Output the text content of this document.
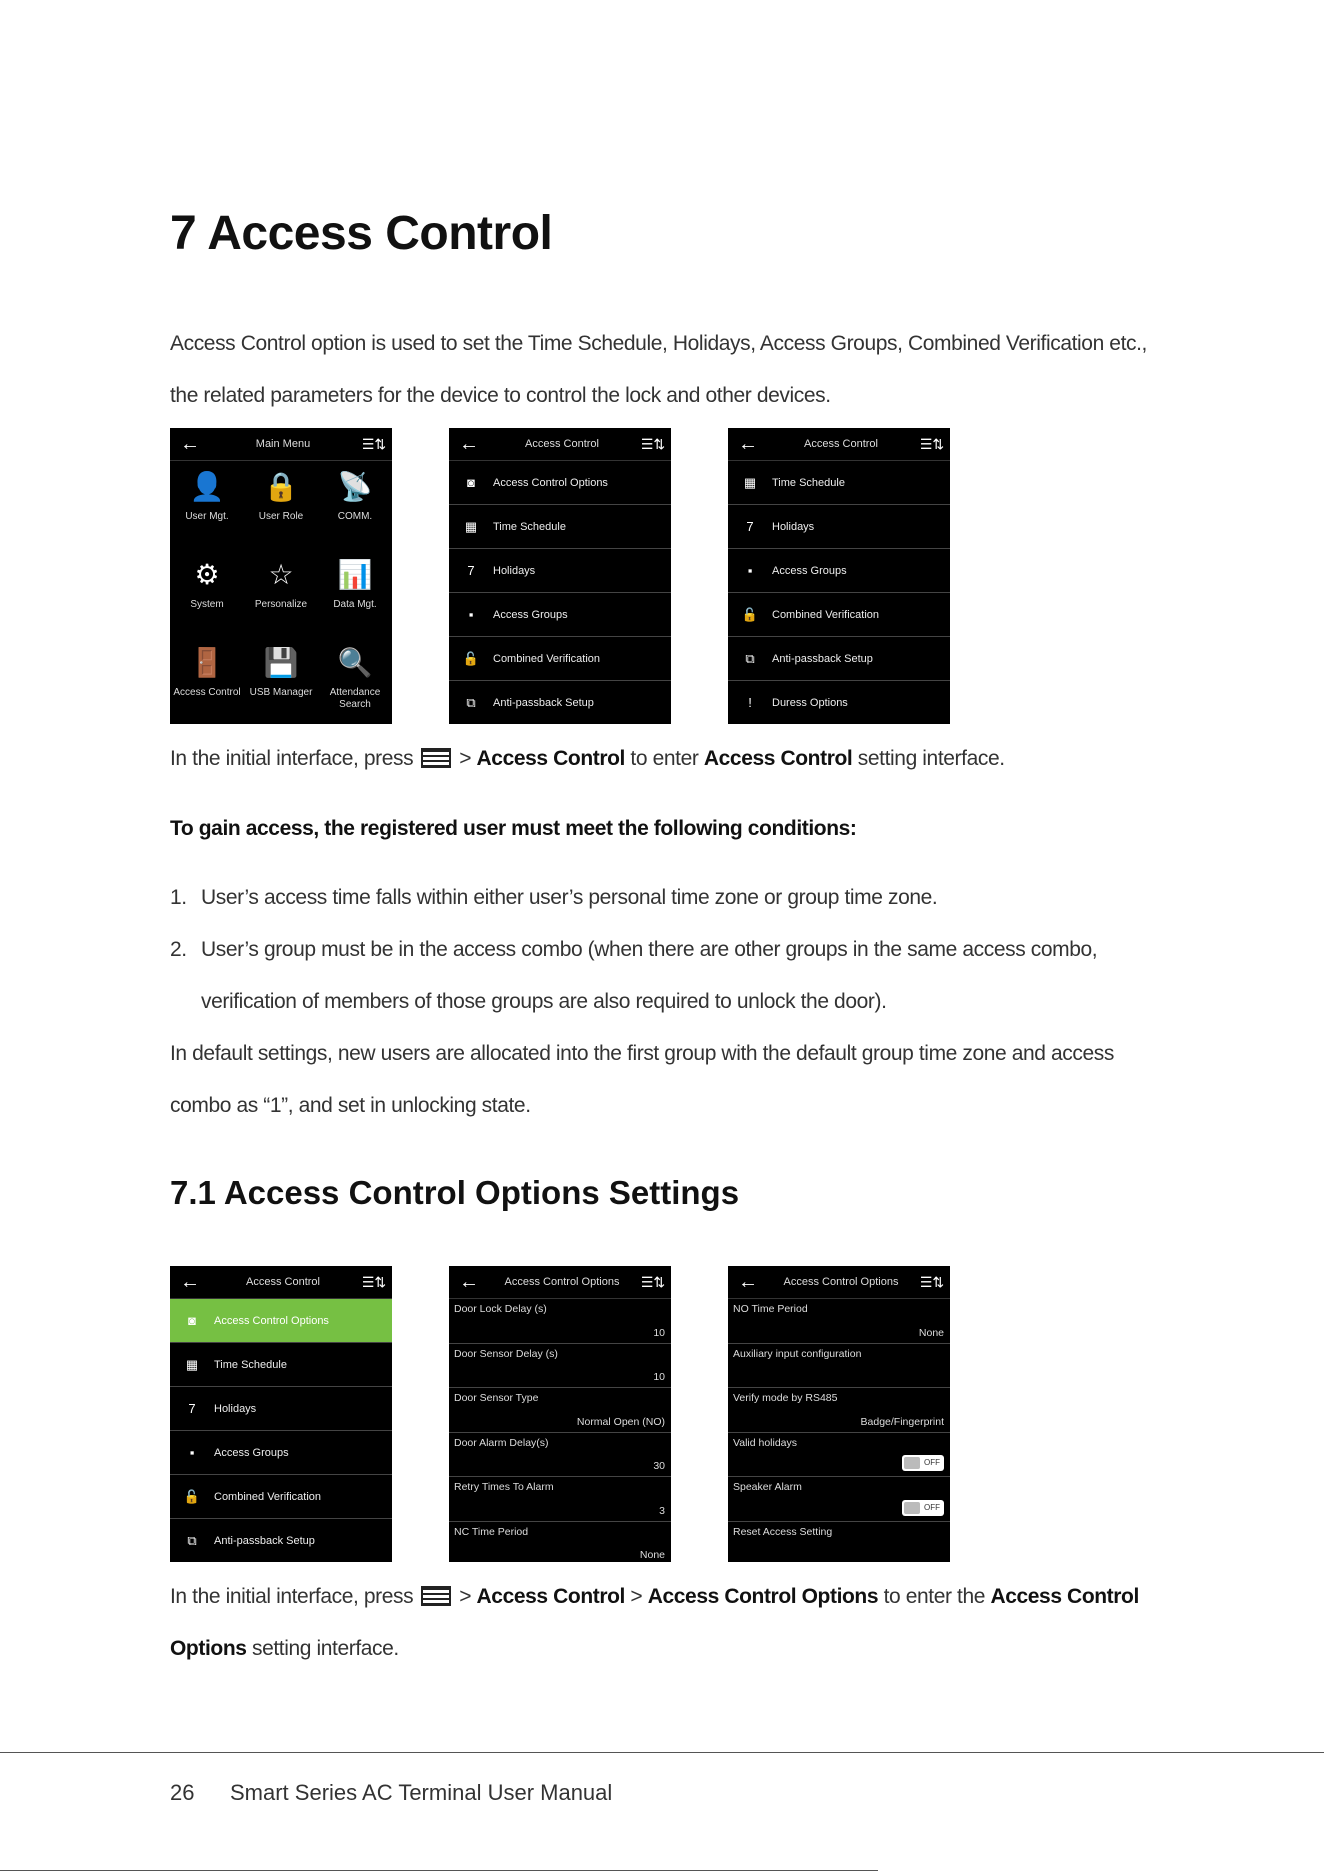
7 Access Control
Access Control option is used to set the Time Schedule, Holidays, Access Groups, Combined Verification etc., the related parameters for the device to control the lock and other devices.
←	Main Menu	☰⇅
👤
User Mgt.
🔒
User Role
📡
COMM.
⚙
System
☆
Personalize
📊
Data Mgt.
🚪
Access Control
💾
USB Manager
🔍
Attendance Search
←	Access Control	☰⇅
◙	Access Control Options
▦	Time Schedule
7	Holidays
▪	Access Groups
🔓	Combined Verification
⧉	Anti-passback Setup
←	Access Control	☰⇅
▦	Time Schedule
7	Holidays
▪	Access Groups
🔓	Combined Verification
⧉	Anti-passback Setup
!	Duress Options
In the initial interface, press > Access Control to enter Access Control setting interface.
To gain access, the registered user must meet the following conditions:
1. User’s access time falls within either user’s personal time zone or group time zone.
2. User’s group must be in the access combo (when there are other groups in the same access combo, verification of members of those groups are also required to unlock the door).
In default settings, new users are allocated into the first group with the default group time zone and access combo as “1”, and set in unlocking state.
7.1 Access Control Options Settings
←	Access Control	☰⇅
◙	Access Control Options
▦	Time Schedule
7	Holidays
▪	Access Groups
🔓	Combined Verification
⧉	Anti-passback Setup
←	Access Control Options	☰⇅
Door Lock Delay (s)
10
Door Sensor Delay (s)
10
Door Sensor Type
Normal Open (NO)
Door Alarm Delay(s)
30
Retry Times To Alarm
3
NC Time Period
None
←	Access Control Options	☰⇅
NO Time Period
None
Auxiliary input configuration
Verify mode by RS485
Badge/Fingerprint
Valid holidays
OFF
Speaker Alarm
OFF
Reset Access Setting
In the initial interface, press > Access Control > Access Control Options to enter the Access Control Options setting interface.
26 Smart Series AC Terminal User Manual
